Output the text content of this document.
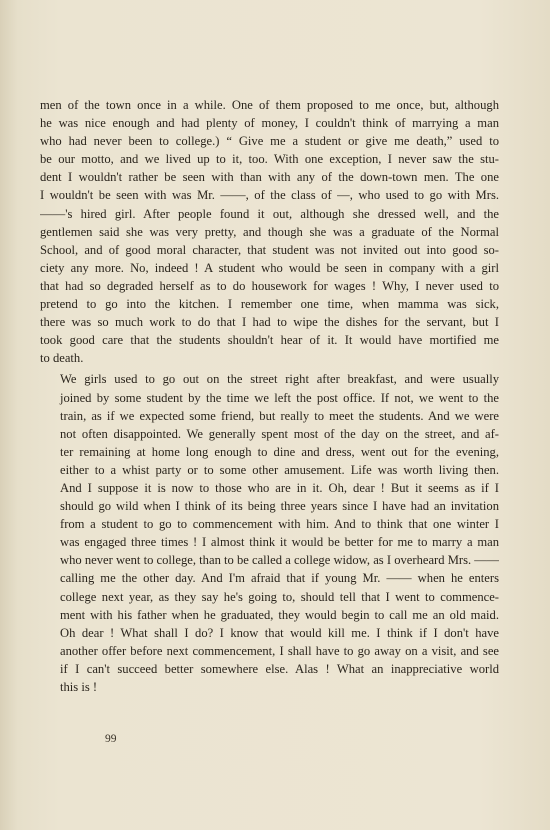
men of the town once in a while. One of them proposed to me once, but, although
he was nice enough and had plenty of money, I couldn't think of marrying a man
who had never been to college.) “ Give me a student or give me death,” used to
be our motto, and we lived up to it, too. With one exception, I never saw the stu-
dent I wouldn't rather be seen with than with any of the down-town men. The one
I wouldn't be seen with was Mr. ——, of the class of —, who used to go with Mrs.
——'s hired girl. After people found it out, although she dressed well, and the
gentlemen said she was very pretty, and though she was a graduate of the Normal
School, and of good moral character, that student was not invited out into good so-
ciety any more. No, indeed ! A student who would be seen in company with a girl
that had so degraded herself as to do housework for wages ! Why, I never used to
pretend to go into the kitchen. I remember one time, when mamma was sick,
there was so much work to do that I had to wipe the dishes for the servant, but I
took good care that the students shouldn't hear of it. It would have mortified me
to death.
We girls used to go out on the street right after breakfast, and were usually
joined by some student by the time we left the post office. If not, we went to the
train, as if we expected some friend, but really to meet the students. And we were
not often disappointed. We generally spent most of the day on the street, and af-
ter remaining at home long enough to dine and dress, went out for the evening,
either to a whist party or to some other amusement. Life was worth living then.
And I suppose it is now to those who are in it. Oh, dear ! But it seems as if I
should go wild when I think of its being three years since I have had an invitation
from a student to go to commencement with him. And to think that one winter I
was engaged three times ! I almost think it would be better for me to marry a man
who never went to college, than to be called a college widow, as I overheard Mrs. ——
calling me the other day. And I'm afraid that if young Mr. —— when he enters
college next year, as they say he's going to, should tell that I went to commence-
ment with his father when he graduated, they would begin to call me an old maid.
Oh dear ! What shall I do? I know that would kill me. I think if I don't have
another offer before next commencement, I shall have to go away on a visit, and see
if I can't succeed better somewhere else. Alas ! What an inappreciative world
this is !
99
